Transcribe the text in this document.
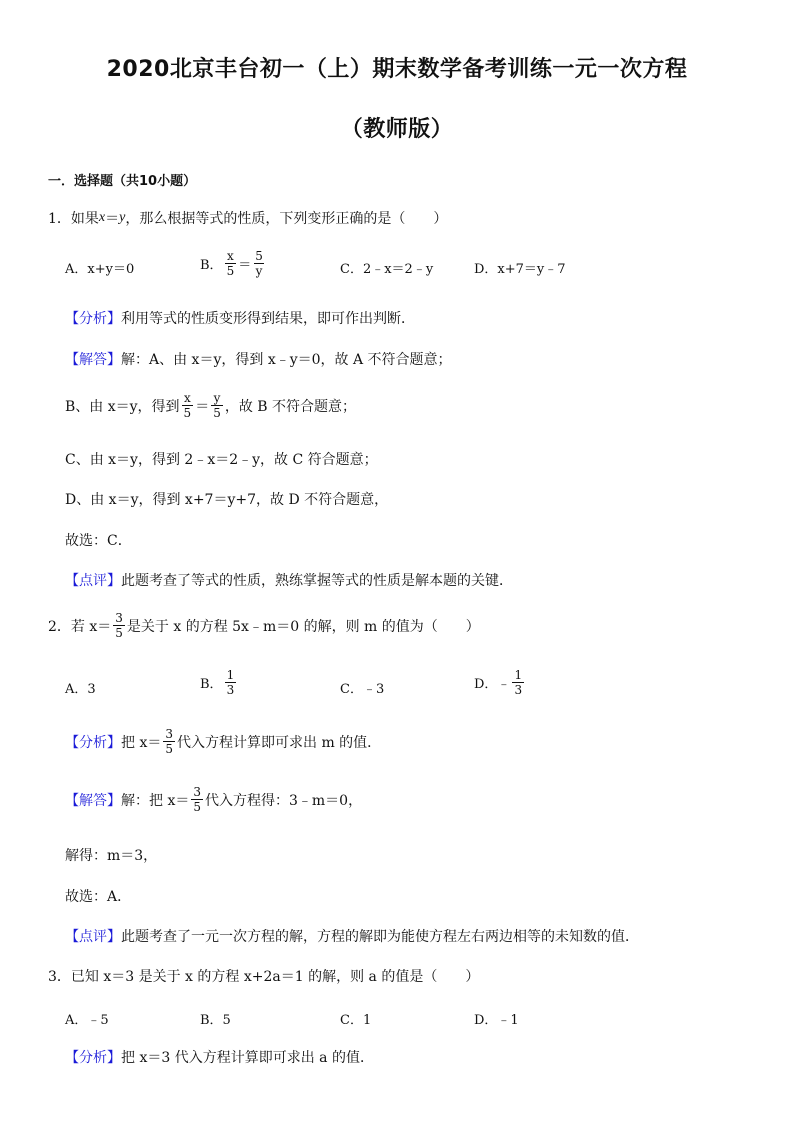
2020北京丰台初一（上）期末数学备考训练一元一次方程
（教师版）
一．选择题（共10小题）
1．如果 x ＝ y ，那么根据等式的性质，下列变形正确的是（　　）
A．x+y＝0	B． $\frac{x}{5} = \frac{5}{y}$	C．2﹣x＝2﹣y	D．x+7＝y﹣7
【分析】 利用等式的性质变形得到结果，即可作出判断．
【解答】 解：A、由 x＝y，得到 x﹣y＝0，故 A 不符合题意；
B、由 x＝y，得到 $\frac{x}{5} = \frac{y}{5}$ ，故 B 不符合题意；
C、由 x＝y，得到 2﹣x＝2﹣y，故 C 符合题意；
D、由 x＝y，得到 x+7＝y+7，故 D 不符合题意，
故选：C．
【点评】 此题考查了等式的性质，熟练掌握等式的性质是解本题的关键．
2．若 $x= \frac{3}{5}$ 是关于 x 的方程 5x﹣m＝0 的解，则 m 的值为（　　）
A．3	B． $\frac{1}{3}$	C．﹣3	D．﹣ $\frac{1}{3}$
【分析】 把 $x= \frac{3}{5}$ 代入方程计算即可求出 m 的值．
【解答】 解：把 $x= \frac{3}{5}$ 代入方程得：3﹣m＝0，
解得：m＝3，
故选：A．
【点评】 此题考查了一元一次方程的解，方程的解即为能使方程左右两边相等的未知数的值．
3．已知 x＝3 是关于 x 的方程 x+2a＝1 的解，则 a 的值是（　　）
A．﹣5	B．5	C．1	D．﹣1
【分析】 把 x＝3 代入方程计算即可求出 a 的值．
